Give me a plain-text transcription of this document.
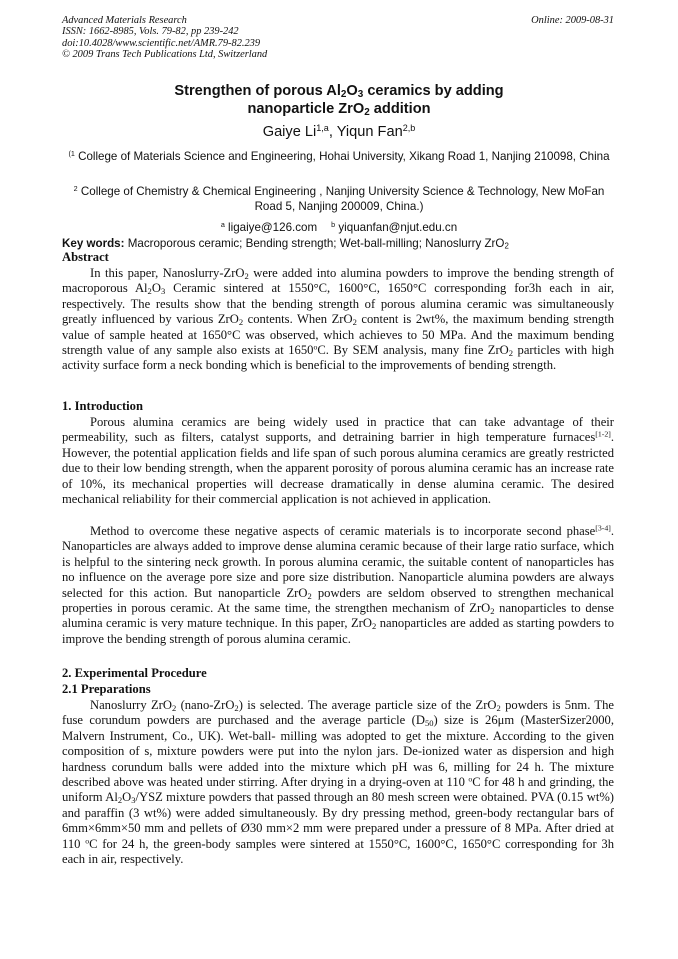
Advanced Materials Research
ISSN: 1662-8985, Vols. 79-82, pp 239-242
doi:10.4028/www.scientific.net/AMR.79-82.239
© 2009 Trans Tech Publications Ltd, Switzerland
Online: 2009-08-31
Strengthen of porous $Al_2O_3$ ceramics by adding
nanoparticle ZrO$_2$ addition
Gaiye Li$^{1,a}$, Yiqun Fan$^{2,b}$
$^{(1}$ College of Materials Science and Engineering, Hohai University, Xikang Road 1, Nanjing 210098, China
$^2$ College of Chemistry & Chemical Engineering , Nanjing University Science & Technology, New MoFan Road 5, Nanjing 200009, China.)
$^a$ ligaiye@126.com $^b$ yiquanfan@njut.edu.cn
Key words: Macroporous ceramic; Bending strength; Wet-ball-milling; Nanoslurry ZrO$_2$
Abstract
In this paper, Nanoslurry-ZrO$_2$ were added into alumina powders to improve the bending strength of macroporous $Al_2O_3$ Ceramic sintered at 1550°C, 1600°C, 1650°C corresponding for3h each in air, respectively. The results show that the bending strength of porous alumina ceramic was simultaneously greatly influenced by various ZrO$_2$ contents. When ZrO$_2$ content is 2wt%, the maximum bending strength value of sample heated at 1650°C was observed, which achieves to 50 MPa. And the maximum bending strength value of any sample also exists at 1650$^o$C. By SEM analysis, many fine ZrO$_2$ particles with high activity surface form a neck bonding which is beneficial to the improvements of bending strength.
1. Introduction
Porous alumina ceramics are being widely used in practice that can take advantage of their permeability, such as filters, catalyst supports, and detraining barrier in high temperature furnaces[1-2]. However, the potential application fields and life span of such porous alumina ceramics are greatly restricted due to their low bending strength, when the apparent porosity of porous alumina ceramic has an increase rate of 10%, its mechanical properties will decrease dramatically in dense alumina ceramic. The desired mechanical reliability for their commercial application is not achieved in application.
Method to overcome these negative aspects of ceramic materials is to incorporate second phase[3-4]. Nanoparticles are always added to improve dense alumina ceramic because of their large ratio surface, which is helpful to the sintering neck growth. In porous alumina ceramic, the suitable content of nanoparticles has no influence on the average pore size and pore size distribution. Nanoparticle alumina powders are always selected for this action. But nanoparticle ZrO$_2$ powders are seldom observed to strengthen mechanical properties in porous ceramic. At the same time, the strengthen mechanism of ZrO$_2$ nanoparticles to dense alumina ceramic is very mature technique. In this paper, ZrO$_2$ nanoparticles are added as starting powders to improve the bending strength of porous alumina ceramic.
2. Experimental Procedure
2.1 Preparations
Nanoslurry ZrO$_2$ (nano-ZrO$_2$) is selected. The average particle size of the ZrO$_2$ powders is 5nm. The fuse corundum powders are purchased and the average particle $(D_{50})$ size is 26μm (MasterSizer2000, Malvern Instrument, Co., UK). Wet-ball- milling was adopted to get the mixture. According to the given composition of s, mixture powders were put into the nylon jars. De-ionized water as dispersion and high hardness corundum balls were added into the mixture which pH was 6, milling for 24 h. The mixture described above was heated under stirring. After drying in a drying-oven at 110 $^o$C for 48 h and grinding, the uniform $Al_2O_3$/YSZ mixture powders that passed through an 80 mesh screen were obtained. PVA (0.15 wt%) and paraffin (3 wt%) were added simultaneously. By dry pressing method, green-body rectangular bars of 6mm×6mm×50 mm and pellets of Ø30 mm×2 mm were prepared under a pressure of 8 MPa. After dried at 110 $^o$C for 24 h, the green-body samples were sintered at 1550°C, 1600°C, 1650°C corresponding for 3h each in air, respectively.
